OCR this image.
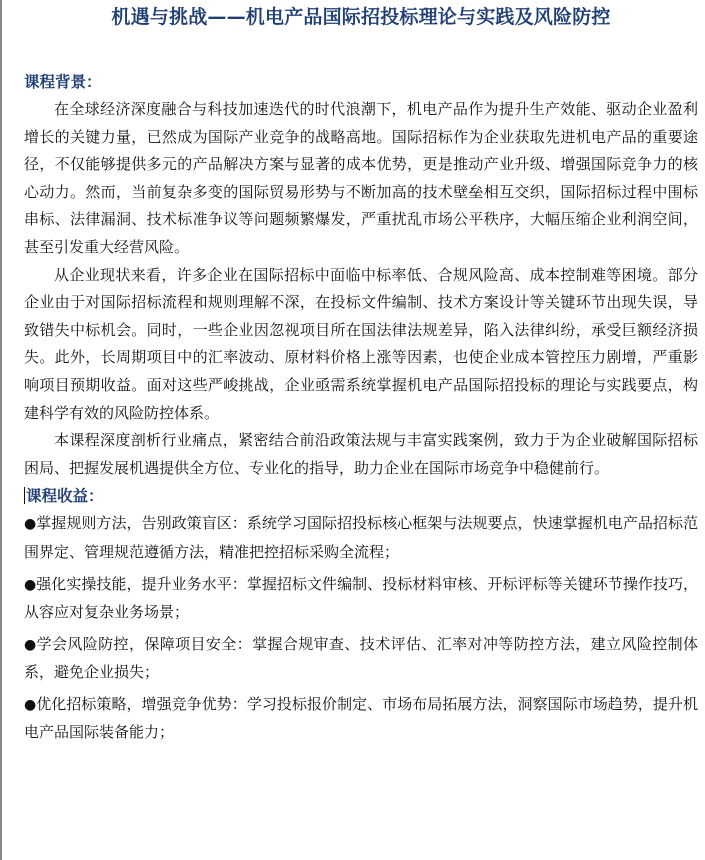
机遇与挑战——机电产品国际招投标理论与实践及风险防控
课程背景：

在全球经济深度融合与科技加速迭代的时代浪潮下，机电产品作为提升生产效能、驱动企业盈利增长的关键力量，已然成为国际产业竞争的战略高地。国际招标作为企业获取先进机电产品的重要途径，不仅能够提供多元的产品解决方案与显著的成本优势，更是推动产业升级、增强国际竞争力的核心动力。然而，当前复杂多变的国际贸易形势与不断加高的技术壁垒相互交织，国际招标过程中围标串标、法律漏洞、技术标准争议等问题频繁爆发，严重扰乱市场公平秩序，大幅压缩企业利润空间，甚至引发重大经营风险。

从企业现状来看，许多企业在国际招标中面临中标率低、合规风险高、成本控制难等困境。部分企业由于对国际招标流程和规则理解不深，在投标文件编制、技术方案设计等关键环节出现失误，导致错失中标机会。同时，一些企业因忽视项目所在国法律法规差异，陷入法律纠纷，承受巨额经济损失。此外，长周期项目中的汇率波动、原材料价格上涨等因素，也使企业成本管控压力剧增，严重影响项目预期收益。面对这些严峻挑战，企业亟需系统掌握机电产品国际招投标的理论与实践要点，构建科学有效的风险防控体系。

本课程深度剖析行业痛点，紧密结合前沿政策法规与丰富实践案例，致力于为企业破解国际招标困局、把握发展机遇提供全方位、专业化的指导，助力企业在国际市场竞争中稳健前行。

课程收益：

●掌握规则方法，告别政策盲区：系统学习国际招投标核心框架与法规要点，快速掌握机电产品招标范围界定、管理规范遵循方法，精准把控招标采购全流程；

●强化实操技能，提升业务水平：掌握招标文件编制、投标材料审核、开标评标等关键环节操作技巧，从容应对复杂业务场景；

●学会风险防控，保障项目安全：掌握合规审查、技术评估、汇率对冲等防控方法，建立风险控制体系，避免企业损失；

●优化招标策略，增强竞争优势：学习投标报价制定、市场布局拓展方法，洞察国际市场趋势，提升机电产品国际装备能力；
